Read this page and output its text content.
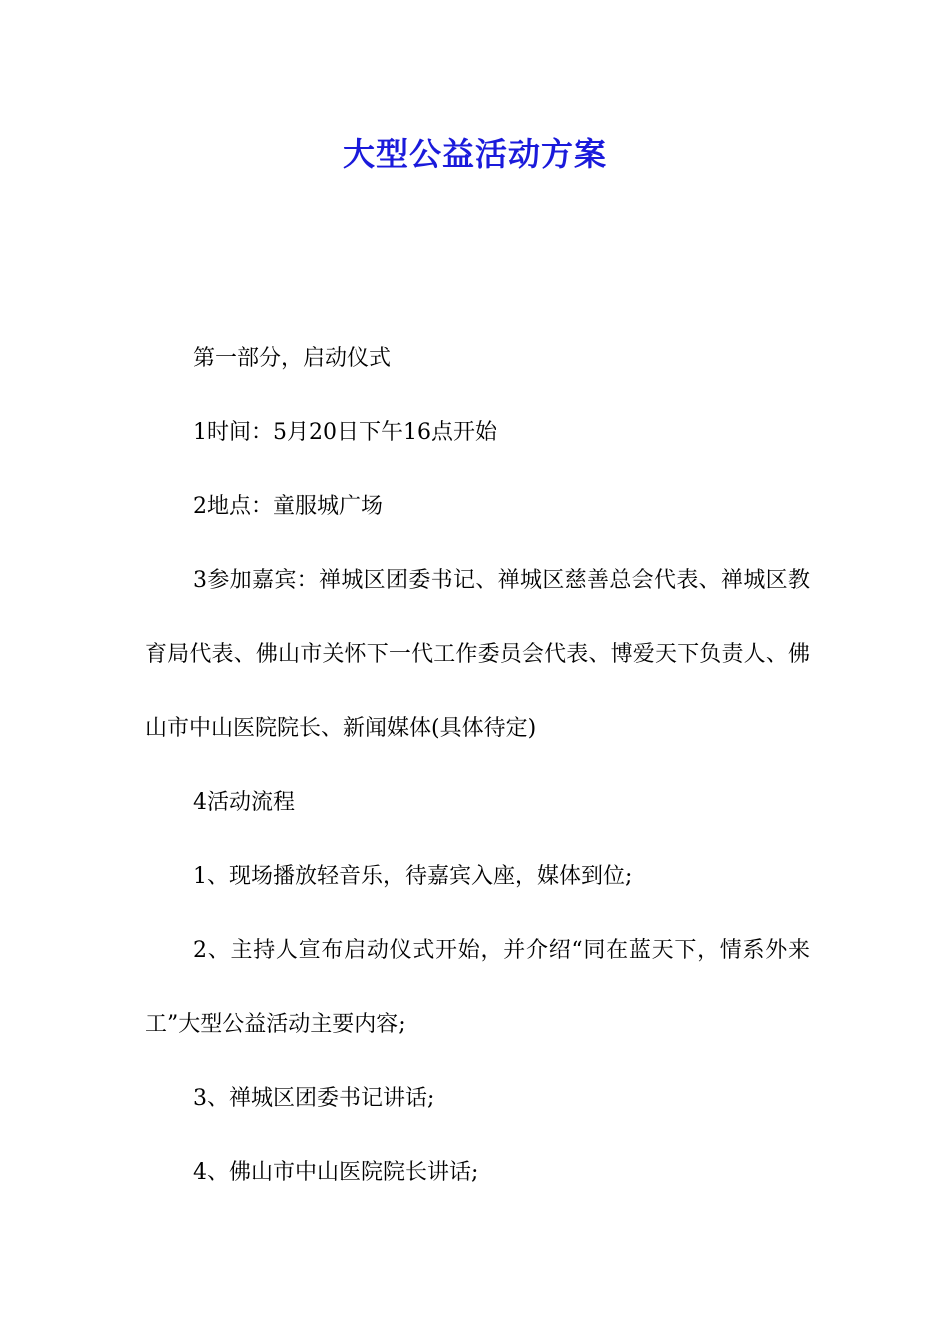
大型公益活动方案

第一部分，启动仪式

1时间：5月20日下午16点开始

2地点：童服城广场

3参加嘉宾：禅城区团委书记、禅城区慈善总会代表、禅城区教育局代表、佛山市关怀下一代工作委员会代表、博爱天下负责人、佛山市中山医院院长、新闻媒体(具体待定)

4活动流程

1、现场播放轻音乐，待嘉宾入座，媒体到位;

2、主持人宣布启动仪式开始，并介绍“同在蓝天下，情系外来工”大型公益活动主要内容;

3、禅城区团委书记讲话;

4、佛山市中山医院院长讲话;
